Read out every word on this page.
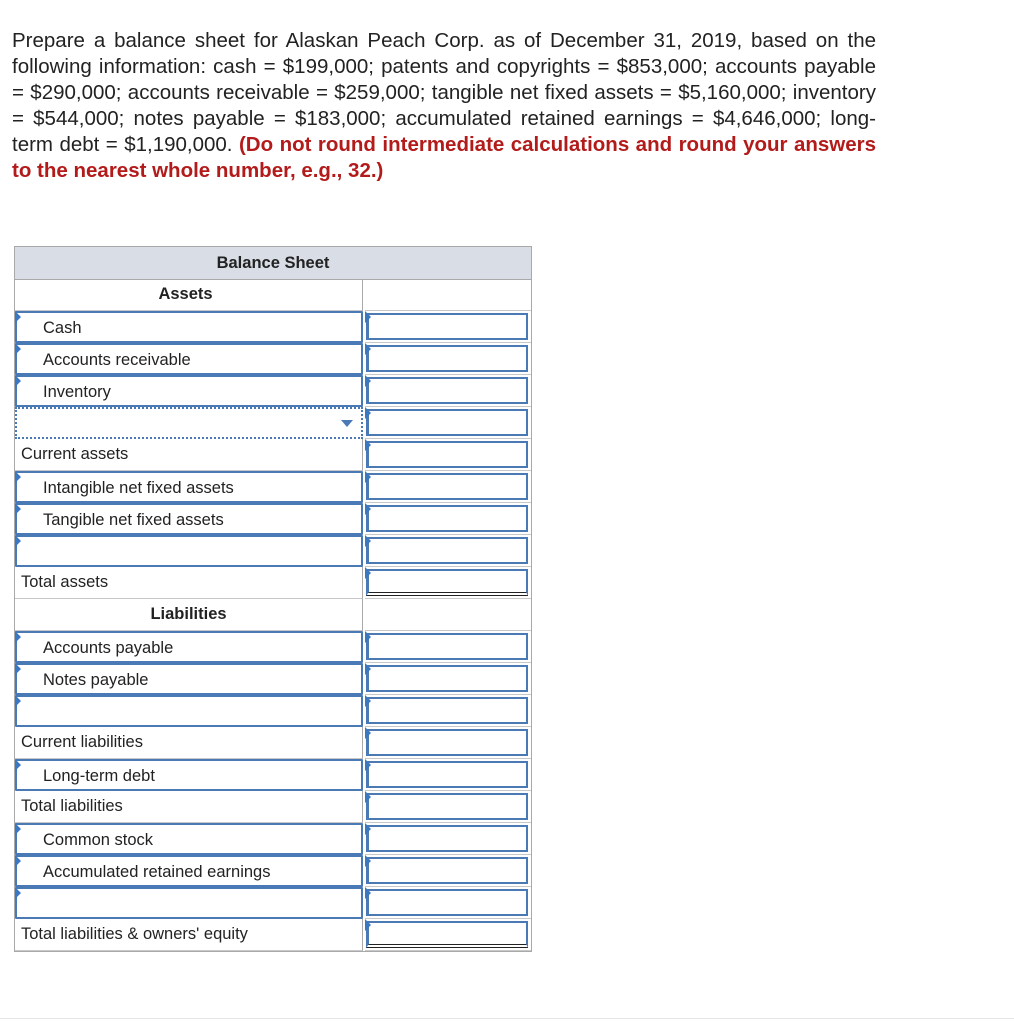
Prepare a balance sheet for Alaskan Peach Corp. as of December 31, 2019, based on the following information: cash = $199,000; patents and copyrights = $853,000; accounts payable = $290,000; accounts receivable = $259,000; tangible net fixed assets = $5,160,000; inventory = $544,000; notes payable = $183,000; accumulated retained earnings = $4,646,000; long-term debt = $1,190,000. (Do not round intermediate calculations and round your answers to the nearest whole number, e.g., 32.)
Balance Sheet
Assets
Cash
Accounts receivable
Inventory
Current assets
Intangible net fixed assets
Tangible net fixed assets
Total assets
Liabilities
Accounts payable
Notes payable
Current liabilities
Long-term debt
Total liabilities
Common stock
Accumulated retained earnings
Total liabilities & owners' equity
